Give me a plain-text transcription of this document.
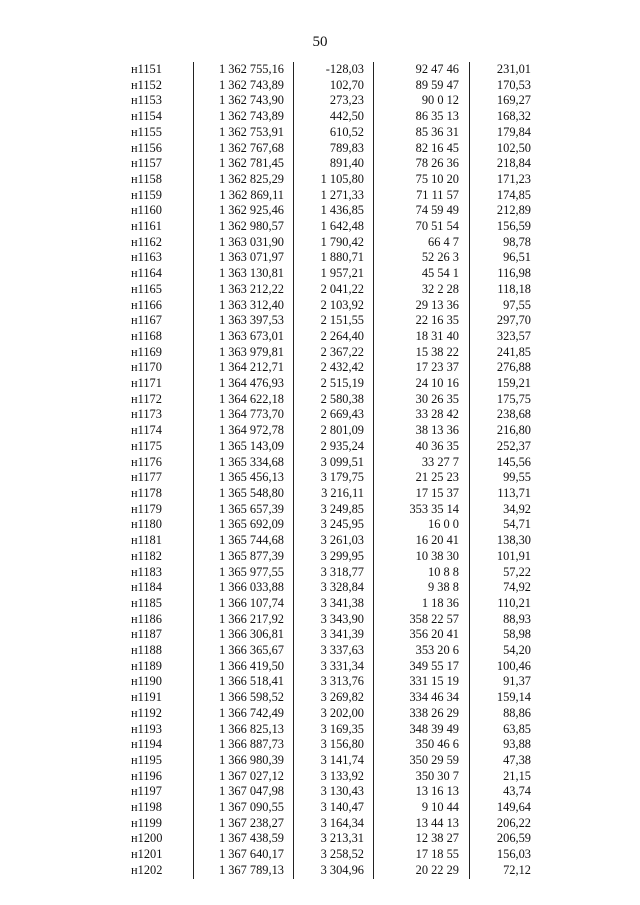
50
н1151	1 362 755,16	-128,03	92 47 46	231,01
н1152	1 362 743,89	102,70	89 59 47	170,53
н1153	1 362 743,90	273,23	90 0 12	169,27
н1154	1 362 743,89	442,50	86 35 13	168,32
н1155	1 362 753,91	610,52	85 36 31	179,84
н1156	1 362 767,68	789,83	82 16 45	102,50
н1157	1 362 781,45	891,40	78 26 36	218,84
н1158	1 362 825,29	1 105,80	75 10 20	171,23
н1159	1 362 869,11	1 271,33	71 11 57	174,85
н1160	1 362 925,46	1 436,85	74 59 49	212,89
н1161	1 362 980,57	1 642,48	70 51 54	156,59
н1162	1 363 031,90	1 790,42	66 4 7	98,78
н1163	1 363 071,97	1 880,71	52 26 3	96,51
н1164	1 363 130,81	1 957,21	45 54 1	116,98
н1165	1 363 212,22	2 041,22	32 2 28	118,18
н1166	1 363 312,40	2 103,92	29 13 36	97,55
н1167	1 363 397,53	2 151,55	22 16 35	297,70
н1168	1 363 673,01	2 264,40	18 31 40	323,57
н1169	1 363 979,81	2 367,22	15 38 22	241,85
н1170	1 364 212,71	2 432,42	17 23 37	276,88
н1171	1 364 476,93	2 515,19	24 10 16	159,21
н1172	1 364 622,18	2 580,38	30 26 35	175,75
н1173	1 364 773,70	2 669,43	33 28 42	238,68
н1174	1 364 972,78	2 801,09	38 13 36	216,80
н1175	1 365 143,09	2 935,24	40 36 35	252,37
н1176	1 365 334,68	3 099,51	33 27 7	145,56
н1177	1 365 456,13	3 179,75	21 25 23	99,55
н1178	1 365 548,80	3 216,11	17 15 37	113,71
н1179	1 365 657,39	3 249,85	353 35 14	34,92
н1180	1 365 692,09	3 245,95	16 0 0	54,71
н1181	1 365 744,68	3 261,03	16 20 41	138,30
н1182	1 365 877,39	3 299,95	10 38 30	101,91
н1183	1 365 977,55	3 318,77	10 8 8	57,22
н1184	1 366 033,88	3 328,84	9 38 8	74,92
н1185	1 366 107,74	3 341,38	1 18 36	110,21
н1186	1 366 217,92	3 343,90	358 22 57	88,93
н1187	1 366 306,81	3 341,39	356 20 41	58,98
н1188	1 366 365,67	3 337,63	353 20 6	54,20
н1189	1 366 419,50	3 331,34	349 55 17	100,46
н1190	1 366 518,41	3 313,76	331 15 19	91,37
н1191	1 366 598,52	3 269,82	334 46 34	159,14
н1192	1 366 742,49	3 202,00	338 26 29	88,86
н1193	1 366 825,13	3 169,35	348 39 49	63,85
н1194	1 366 887,73	3 156,80	350 46 6	93,88
н1195	1 366 980,39	3 141,74	350 29 59	47,38
н1196	1 367 027,12	3 133,92	350 30 7	21,15
н1197	1 367 047,98	3 130,43	13 16 13	43,74
н1198	1 367 090,55	3 140,47	9 10 44	149,64
н1199	1 367 238,27	3 164,34	13 44 13	206,22
н1200	1 367 438,59	3 213,31	12 38 27	206,59
н1201	1 367 640,17	3 258,52	17 18 55	156,03
н1202	1 367 789,13	3 304,96	20 22 29	72,12
